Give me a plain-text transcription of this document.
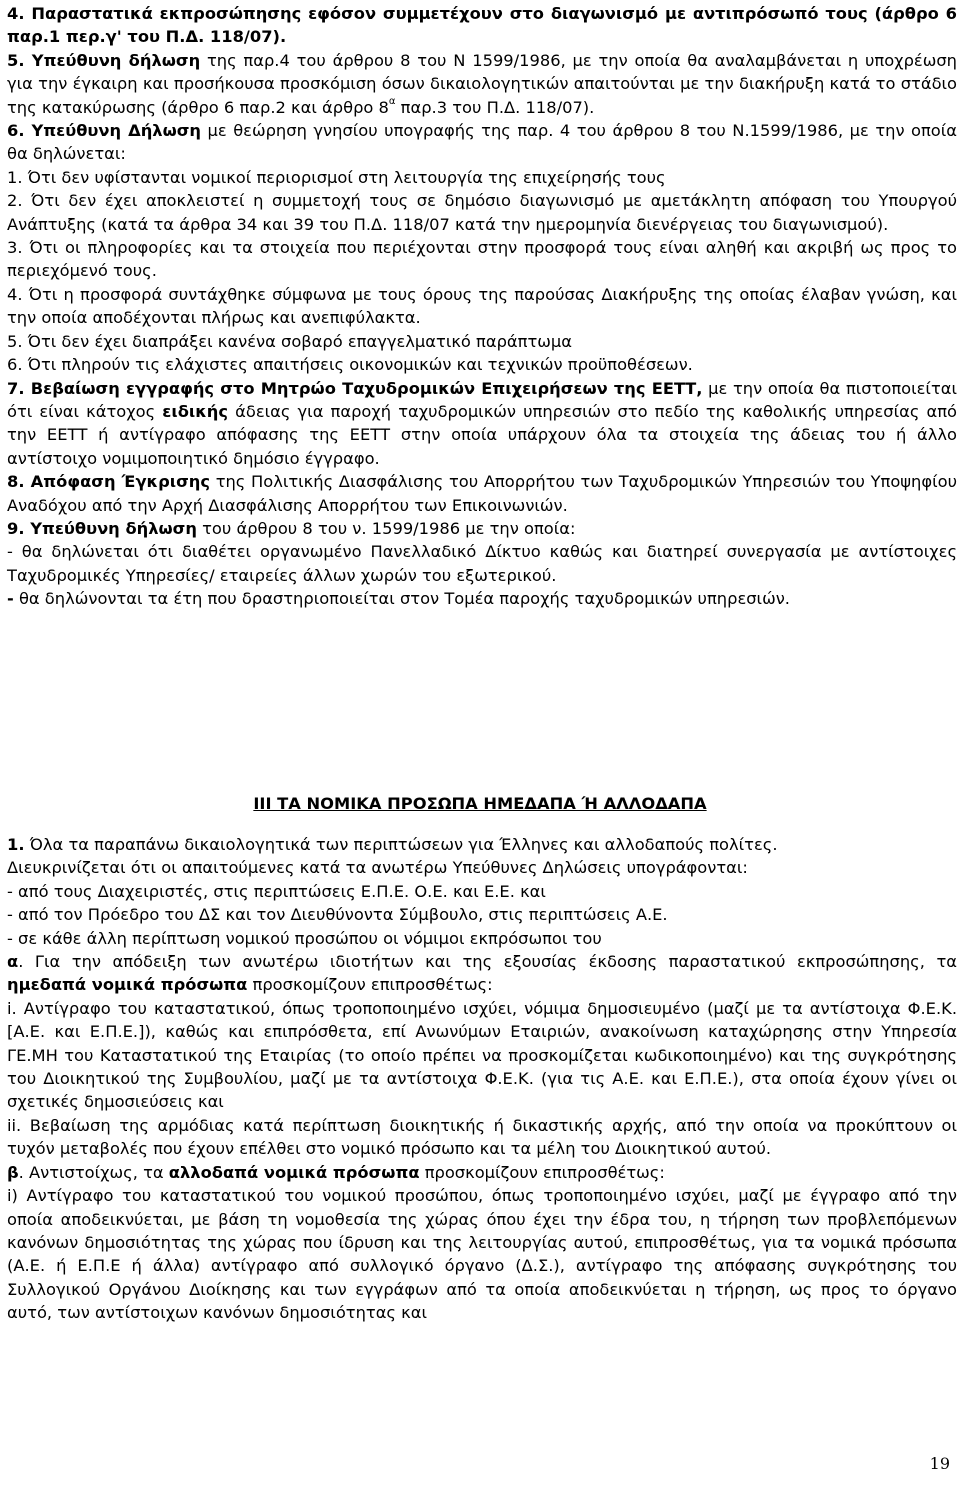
4. Παραστατικά εκπροσώπησης εφόσον συμμετέχουν στο διαγωνισμό με αντιπρόσωπό τους (άρθρο 6 παρ.1 περ.γ' του Π.Δ. 118/07).

5. Υπεύθυνη δήλωση της παρ.4 του άρθρου 8 του Ν 1599/1986, με την οποία θα αναλαμβάνεται η υποχρέωση για την έγκαιρη και προσήκουσα προσκόμιση όσων δικαιολογητικών απαιτούνται με την διακήρυξη κατά το στάδιο της κατακύρωσης (άρθρο 6 παρ.2 και άρθρο $8^\alpha$ παρ.3 του Π.Δ. 118/07).

6. Υπεύθυνη Δήλωση με θεώρηση γνησίου υπογραφής της παρ. 4 του άρθρου 8 του Ν.1599/1986, με την οποία θα δηλώνεται:

1. Ότι δεν υφίστανται νομικοί περιορισμοί στη λειτουργία της επιχείρησής τους

2. Ότι δεν έχει αποκλειστεί η συμμετοχή τους σε δημόσιο διαγωνισμό με αμετάκλητη απόφαση του Υπουργού Ανάπτυξης (κατά τα άρθρα 34 και 39 του Π.Δ. 118/07 κατά την ημερομηνία διενέργειας του διαγωνισμού).

3. Ότι οι πληροφορίες και τα στοιχεία που περιέχονται στην προσφορά τους είναι αληθή και ακριβή ως προς το περιεχόμενό τους.

4. Ότι η προσφορά συντάχθηκε σύμφωνα με τους όρους της παρούσας Διακήρυξης της οποίας έλαβαν γνώση, και την οποία αποδέχονται πλήρως και ανεπιφύλακτα.

5. Ότι δεν έχει διαπράξει κανένα σοβαρό επαγγελματικό παράπτωμα

6. Ότι πληρούν τις ελάχιστες απαιτήσεις οικονομικών και τεχνικών προϋποθέσεων.

7. Βεβαίωση εγγραφής στο Μητρώο Ταχυδρομικών Επιχειρήσεων της ΕΕΤΤ, με την οποία θα πιστοποιείται ότι είναι κάτοχος ειδικής άδειας για παροχή ταχυδρομικών υπηρεσιών στο πεδίο της καθολικής υπηρεσίας από την ΕΕΤΤ ή αντίγραφο απόφασης της ΕΕΤΤ στην οποία υπάρχουν όλα τα στοιχεία της άδειας του ή άλλο αντίστοιχο νομιμοποιητικό δημόσιο έγγραφο.

8. Απόφαση Έγκρισης της Πολιτικής Διασφάλισης του Απορρήτου των Ταχυδρομικών Υπηρεσιών του Υποψηφίου Αναδόχου από την Αρχή Διασφάλισης Απορρήτου των Επικοινωνιών.

9. Υπεύθυνη δήλωση του άρθρου 8 του ν. 1599/1986 με την οποία:

- θα δηλώνεται ότι διαθέτει οργανωμένο Πανελλαδικό Δίκτυο καθώς και διατηρεί συνεργασία με αντίστοιχες Ταχυδρομικές Υπηρεσίες/ εταιρείες άλλων χωρών του εξωτερικού.

- θα δηλώνονται τα έτη που δραστηριοποιείται στον Τομέα παροχής ταχυδρομικών υπηρεσιών.

ΙΙΙ ΤΑ ΝΟΜΙΚΑ ΠΡΟΣΩΠΑ ΗΜΕΔΑΠΑ Ή ΑΛΛΟΔΑΠΑ

1. Όλα τα παραπάνω δικαιολογητικά των περιπτώσεων για Έλληνες και αλλοδαπούς πολίτες.

Διευκρινίζεται ότι οι απαιτούμενες κατά τα ανωτέρω Υπεύθυνες Δηλώσεις υπογράφονται:

- από τους Διαχειριστές, στις περιπτώσεις Ε.Π.Ε. Ο.Ε. και Ε.Ε. και

- από τον Πρόεδρο του ΔΣ και τον Διευθύνοντα Σύμβουλο, στις περιπτώσεις Α.Ε.

- σε κάθε άλλη περίπτωση νομικού προσώπου οι νόμιμοι εκπρόσωποι του

α. Για την απόδειξη των ανωτέρω ιδιοτήτων και της εξουσίας έκδοσης παραστατικού εκπροσώπησης, τα ημεδαπά νομικά πρόσωπα προσκομίζουν επιπροσθέτως:

i. Αντίγραφο του καταστατικού, όπως τροποποιημένο ισχύει, νόμιμα δημοσιευμένο (μαζί με τα αντίστοιχα Φ.Ε.Κ. [Α.Ε. και Ε.Π.Ε.]), καθώς και επιπρόσθετα, επί Ανωνύμων Εταιριών, ανακοίνωση καταχώρησης στην Υπηρεσία ΓΕ.ΜΗ του Καταστατικού της Εταιρίας (το οποίο πρέπει να προσκομίζεται κωδικοποιημένο) και της συγκρότησης του Διοικητικού της Συμβουλίου, μαζί με τα αντίστοιχα Φ.Ε.Κ. (για τις Α.Ε. και Ε.Π.Ε.), στα οποία έχουν γίνει οι σχετικές δημοσιεύσεις και

ii. Βεβαίωση της αρμόδιας κατά περίπτωση διοικητικής ή δικαστικής αρχής, από την οποία να προκύπτουν οι τυχόν μεταβολές που έχουν επέλθει στο νομικό πρόσωπο και τα μέλη του Διοικητικού αυτού.

β. Αντιστοίχως, τα αλλοδαπά νομικά πρόσωπα προσκομίζουν επιπροσθέτως:

i) Αντίγραφο του καταστατικού του νομικού προσώπου, όπως τροποποιημένο ισχύει, μαζί με έγγραφο από την οποία αποδεικνύεται, με βάση τη νομοθεσία της χώρας όπου έχει την έδρα του, η τήρηση των προβλεπόμενων κανόνων δημοσιότητας της χώρας που ίδρυση και της λειτουργίας αυτού, επιπροσθέτως, για τα νομικά πρόσωπα (Α.Ε. ή Ε.Π.Ε ή άλλα) αντίγραφο από συλλογικό όργανο (Δ.Σ.), αντίγραφο της απόφασης συγκρότησης του Συλλογικού Οργάνου Διοίκησης και των εγγράφων από τα οποία αποδεικνύεται η τήρηση, ως προς το όργανο αυτό, των αντίστοιχων κανόνων δημοσιότητας και

19
